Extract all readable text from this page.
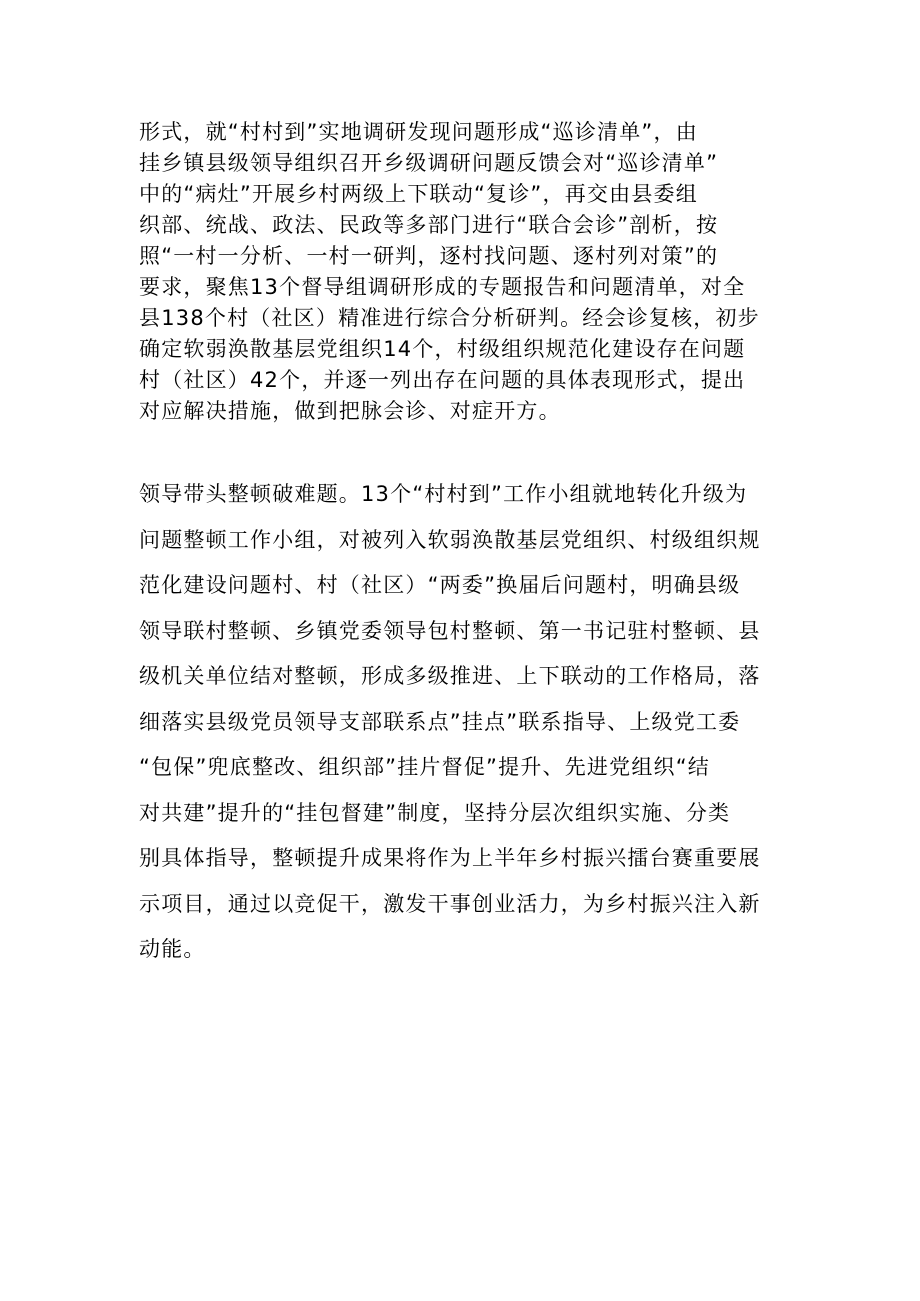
形式，就“村村到”实地调研发现问题形成“巡诊清单”，由
挂乡镇县级领导组织召开乡级调研问题反馈会对“巡诊清单”
中的“病灶”开展乡村两级上下联动“复诊”，再交由县委组
织部、统战、政法、民政等多部门进行“联合会诊”剖析，按
照“一村一分析、一村一研判，逐村找问题、逐村列对策”的
要求，聚焦13个督导组调研形成的专题报告和问题清单，对全
县138个村（社区）精准进行综合分析研判。经会诊复核，初步
确定软弱涣散基层党组织14个，村级组织规范化建设存在问题
村（社区）42个，并逐一列出存在问题的具体表现形式，提出
对应解决措施，做到把脉会诊、对症开方。
领导带头整顿破难题。13个“村村到”工作小组就地转化升级为
问题整顿工作小组，对被列入软弱涣散基层党组织、村级组织规
范化建设问题村、村（社区）“两委”换届后问题村，明确县级
领导联村整顿、乡镇党委领导包村整顿、第一书记驻村整顿、县
级机关单位结对整顿，形成多级推进、上下联动的工作格局，落
细落实县级党员领导支部联系点”挂点”联系指导、上级党工委
“包保”兜底整改、组织部”挂片督促”提升、先进党组织“结
对共建”提升的“挂包督建”制度，坚持分层次组织实施、分类
别具体指导，整顿提升成果将作为上半年乡村振兴擂台赛重要展
示项目，通过以竞促干，激发干事创业活力，为乡村振兴注入新
动能。
